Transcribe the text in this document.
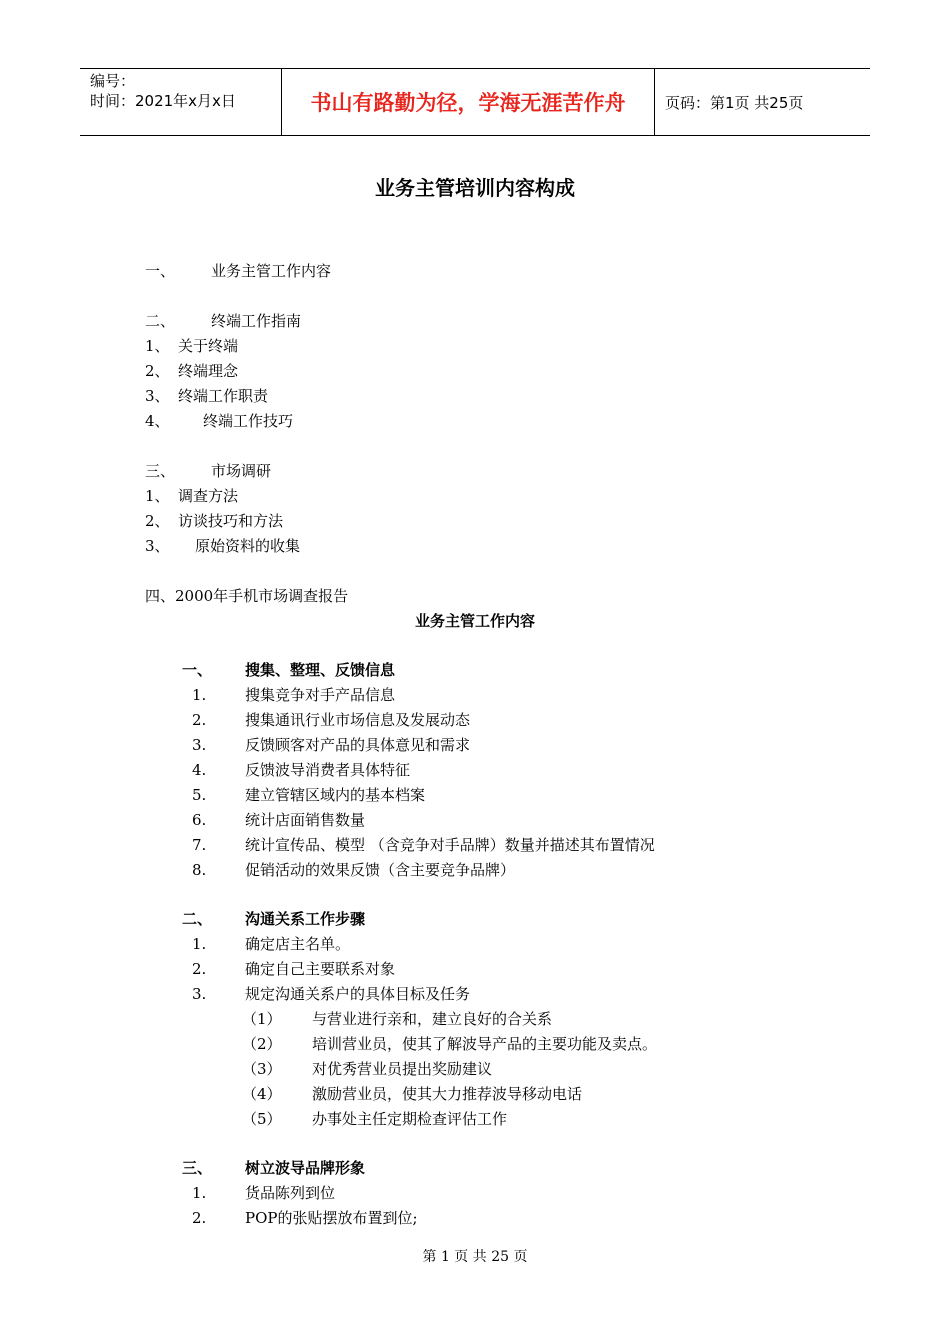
编号：
时间：2021年x月x日	书山有路勤为径，学海无涯苦作舟	页码：第1页 共25页
业务主管培训内容构成
一、 业务主管工作内容
二、 终端工作指南
1、 关于终端
2、 终端理念
3、 终端工作职责
4、 终端工作技巧
三、 市场调研
1、 调查方法
2、 访谈技巧和方法
3、 原始资料的收集
四、2000年手机市场调查报告
业务主管工作内容
一、 搜集、整理、反馈信息
1.	搜集竞争对手产品信息
2.	搜集通讯行业市场信息及发展动态
3.	反馈顾客对产品的具体意见和需求
4.	反馈波导消费者具体特征
5.	建立管辖区域内的基本档案
6.	统计店面销售数量
7.	统计宣传品、模型 （含竞争对手品牌）数量并描述其布置情况
8.	促销活动的效果反馈（含主要竞争品牌）
二、 沟通关系工作步骤
1.	确定店主名单。
2.	确定自己主要联系对象
3.	规定沟通关系户的具体目标及任务
（1） 与营业进行亲和，建立良好的合关系
（2） 培训营业员，使其了解波导产品的主要功能及卖点。
（3） 对优秀营业员提出奖励建议
（4） 激励营业员，使其大力推荐波导移动电话
（5） 办事处主任定期检查评估工作
三、 树立波导品牌形象
1.	货品陈列到位
2.	POP的张贴摆放布置到位;
第 1 页 共 25 页
